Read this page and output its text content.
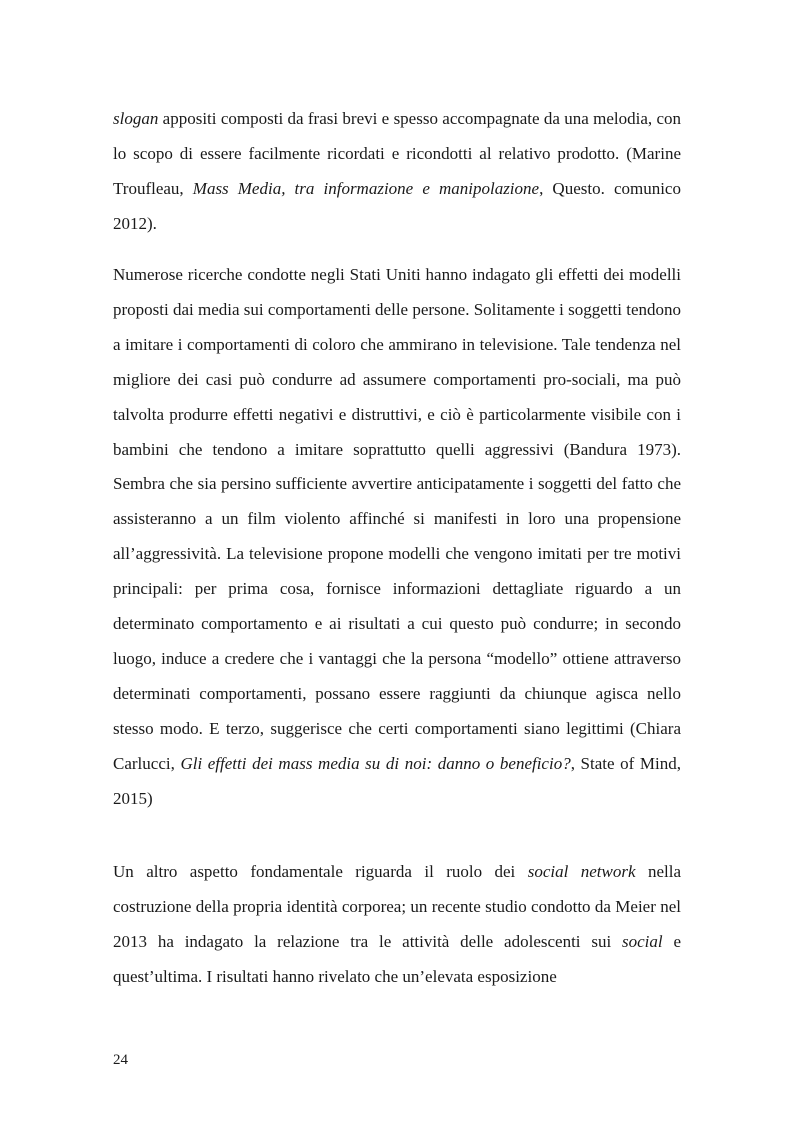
slogan appositi composti da frasi brevi e spesso accompagnate da una melodia, con lo scopo di essere facilmente ricordati e ricondotti al relativo prodotto. (Marine Troufleau, Mass Media, tra informazione e manipolazione, Questo. comunico 2012).

Numerose ricerche condotte negli Stati Uniti hanno indagato gli effetti dei modelli proposti dai media sui comportamenti delle persone. Solitamente i soggetti tendono a imitare i comportamenti di coloro che ammirano in televisione. Tale tendenza nel migliore dei casi può condurre ad assumere comportamenti pro-sociali, ma può talvolta produrre effetti negativi e distruttivi, e ciò è particolarmente visibile con i bambini che tendono a imitare soprattutto quelli aggressivi (Bandura 1973). Sembra che sia persino sufficiente avvertire anticipatamente i soggetti del fatto che assisteranno a un film violento affinché si manifesti in loro una propensione all’aggressività. La televisione propone modelli che vengono imitati per tre motivi principali: per prima cosa, fornisce informazioni dettagliate riguardo a un determinato comportamento e ai risultati a cui questo può condurre; in secondo luogo, induce a credere che i vantaggi che la persona “modello” ottiene attraverso determinati comportamenti, possano essere raggiunti da chiunque agisca nello stesso modo. E terzo, suggerisce che certi comportamenti siano legittimi (Chiara Carlucci, Gli effetti dei mass media su di noi: danno o beneficio?, State of Mind, 2015)

Un altro aspetto fondamentale riguarda il ruolo dei social network nella costruzione della propria identità corporea; un recente studio condotto da Meier nel 2013 ha indagato la relazione tra le attività delle adolescenti sui social e quest’ultima. I risultati hanno rivelato che un’elevata esposizione

24
